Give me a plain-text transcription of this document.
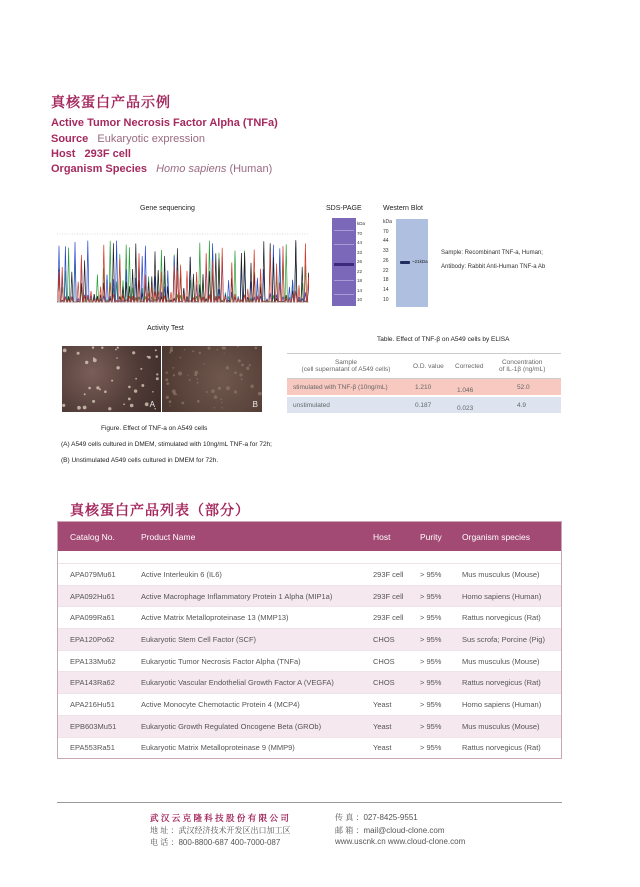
真核蛋白产品示例
Active Tumor Necrosis Factor Alpha (TNFa)
Source Eukaryotic expression
Host 293F cell
Organism Species Homo sapiens (Human)
Gene sequencing	SDS-PAGE
kDa
70
44
33
26
22
18
14
10
Western Blot
kDa
70
44
33
26
22
18
14
10
~21kDa
Sample: Recombinant TNF-a, Human;
Antibody: Rabbit Anti-Human TNF-a Ab
Activity Test
A	B
Figure. Effect of TNF-a on A549 cells
(A) A549 cells cultured in DMEM, stimulated with 10ng/mL TNF-a for 72h;
(B) Unstimulated A549 cells cultured in DMEM for 72h.
Table. Effect of TNF-β on A549 cells by ELISA
Sample
(cell supernatant of A549 cells)	O.D. value Corrected	Concentration
of IL-1β (ng/mL)
stimulated with TNF-β (10ng/mL)	1.210	1.046	52.0
unstimulated	0.187	0.023	4.9
真核蛋白产品列表（部分）
Catalog No.	Product Name	Host	Purity Organism species
APA079Mu61	Active Interleukin 6 (IL6)	293F cell > 95%	Mus musculus (Mouse)
APA092Hu61	Active Macrophage Inflammatory Protein 1 Alpha (MIP1a)	293F cell > 95%	Homo sapiens (Human)
APA099Ra61	Active Matrix Metalloproteinase 13 (MMP13)	293F cell > 95%	Rattus norvegicus (Rat)
EPA120Po62	Eukaryotic Stem Cell Factor (SCF)	CHOS	> 95%	Sus scrofa; Porcine (Pig)
EPA133Mu62	Eukaryotic Tumor Necrosis Factor Alpha (TNFa)	CHOS	> 95%	Mus musculus (Mouse)
EPA143Ra62	Eukaryotic Vascular Endothelial Growth Factor A (VEGFA)	CHOS	> 95%	Rattus norvegicus (Rat)
APA216Hu51	Active Monocyte Chemotactic Protein 4 (MCP4)	Yeast	> 95%	Homo sapiens (Human)
EPB603Mu51	Eukaryotic Growth Regulated Oncogene Beta (GROb)	Yeast	> 95%	Mus musculus (Mouse)
EPA553Ra51	Eukaryotic Matrix Metalloproteinase 9 (MMP9)	Yeast	> 95%	Rattus norvegicus (Rat)
武 汉 云 克 隆 科 技 股 份 有 限 公 司
地 址 ：武汉经济技术开发区出口加工区
电 话 ：800-8800-687 400-7000-087
传 真 ：027-8425-9551
邮 箱 ：mail@cloud-clone.com
www.uscnk.cn www.cloud-clone.com
